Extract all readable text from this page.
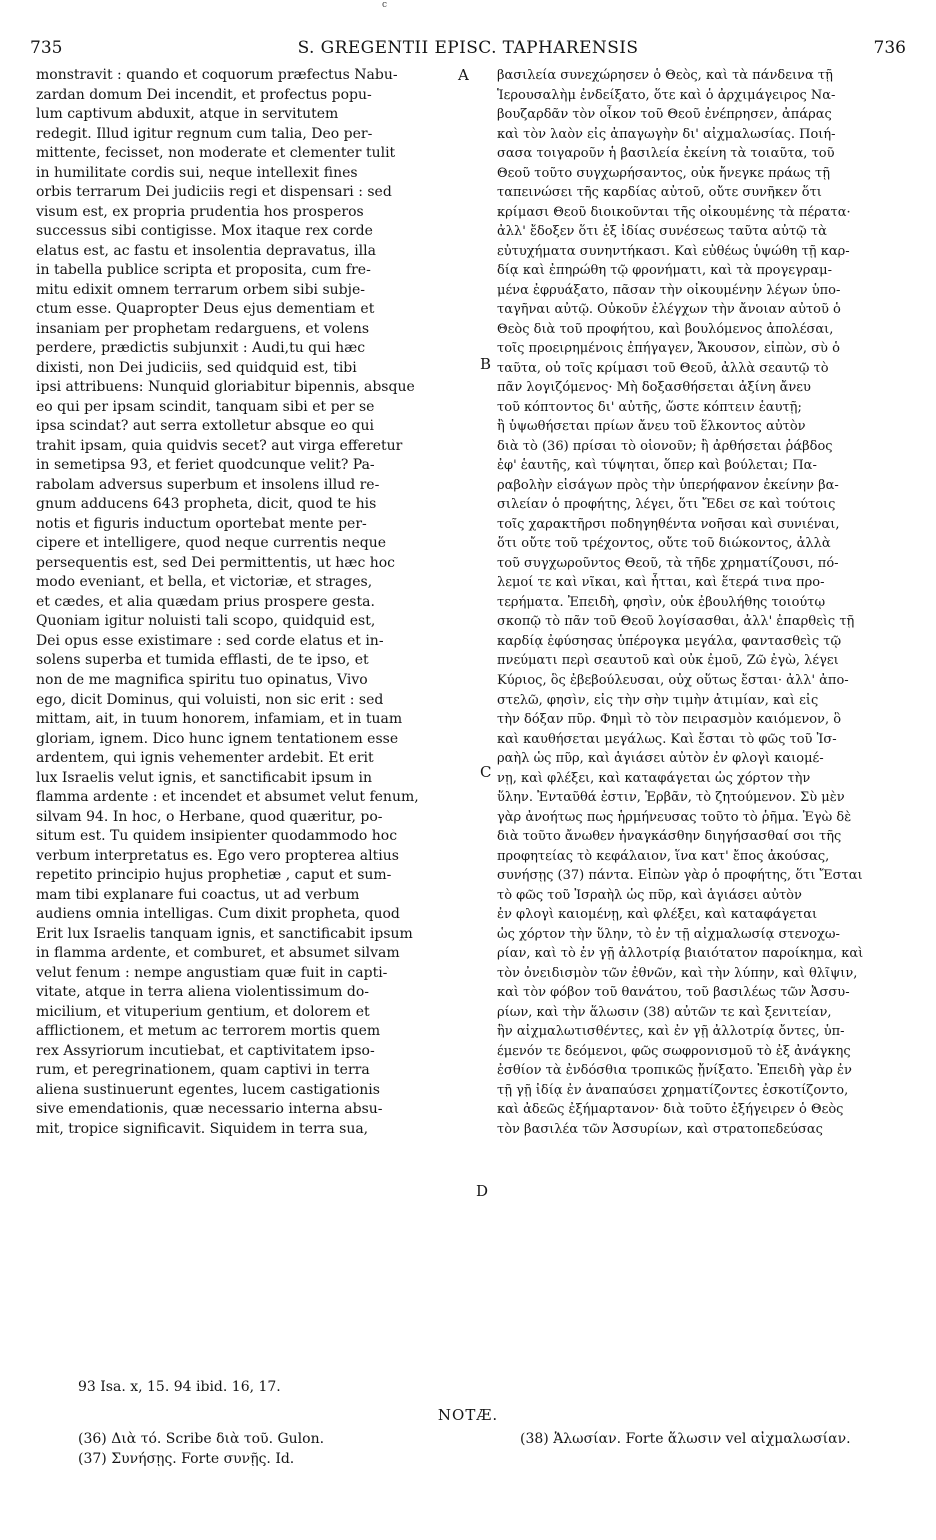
c
735	S. GREGENTII EPISC. TAPHARENSIS	736
monstravit : quando et coquorum præfectus Nabu-
zardan domum Dei incendit, et profectus popu-
lum captivum abduxit, atque in servitutem
redegit. Illud igitur regnum cum talia, Deo per-
mittente, fecisset, non moderate et clementer tulit
in humilitate cordis sui, neque intellexit fines
orbis terrarum Dei judiciis regi et dispensari : sed
visum est, ex propria prudentia hos prosperos
successus sibi contigisse. Mox itaque rex corde
elatus est, ac fastu et insolentia depravatus, illa
in tabella publice scripta et proposita, cum fre-
mitu edixit omnem terrarum orbem sibi subje-
ctum esse. Quapropter Deus ejus dementiam et
insaniam per prophetam redarguens, et volens
perdere, prædictis subjunxit : Audi,tu qui hæc
dixisti, non Dei judiciis, sed quidquid est, tibi
ipsi attribuens: Nunquid gloriabitur bipennis, absque
eo qui per ipsam scindit, tanquam sibi et per se
ipsa scindat? aut serra extolletur absque eo qui
trahit ipsam, quia quidvis secet? aut virga efferetur
in semetipsa 93, et feriet quodcunque velit? Pa-
rabolam adversus superbum et insolens illud re-
gnum adducens 643 propheta, dicit, quod te his
notis et figuris inductum oportebat mente per-
cipere et intelligere, quod neque currentis neque
persequentis est, sed Dei permittentis, ut hæc hoc
modo eveniant, et bella, et victoriæ, et strages,
et cædes, et alia quædam prius prospere gesta.
Quoniam igitur noluisti tali scopo, quidquid est,
Dei opus esse existimare : sed corde elatus et in-
solens superba et tumida efflasti, de te ipso, et
non de me magnifica spiritu tuo opinatus, Vivo
ego, dicit Dominus, qui voluisti, non sic erit : sed
mittam, ait, in tuum honorem, infamiam, et in tuam
gloriam, ignem. Dico hunc ignem tentationem esse
ardentem, qui ignis vehementer ardebit. Et erit
lux Israelis velut ignis, et sanctificabit ipsum in
flamma ardente : et incendet et absumet velut fenum,
silvam 94. In hoc, o Herbane, quod quæritur, po-
situm est. Tu quidem insipienter quodammodo hoc
verbum interpretatus es. Ego vero propterea altius
repetito principio hujus prophetiæ , caput et sum-
mam tibi explanare fui coactus, ut ad verbum
audiens omnia intelligas. Cum dixit propheta, quod
Erit lux Israelis tanquam ignis, et sanctificabit ipsum
in flamma ardente, et comburet, et absumet silvam
velut fenum : nempe angustiam quæ fuit in capti-
vitate, atque in terra aliena violentissimum do-
micilium, et vituperium gentium, et dolorem et
afflictionem, et metum ac terrorem mortis quem
rex Assyriorum incutiebat, et captivitatem ipso-
rum, et peregrinationem, quam captivi in terra
aliena sustinuerunt egentes, lucem castigationis
sive emendationis, quæ necessario interna absu-
mit, tropice significavit. Siquidem in terra sua,
βασιλεία συνεχώρησεν ὁ Θεὸς, καὶ τὰ πάνδεινα τῇ
Ἱερουσαλὴμ ἐνδείξατο, ὅτε καὶ ὁ ἀρχιμάγειρος Να-
βουζαρδᾶν τὸν οἶκον τοῦ Θεοῦ ἐνέπρησεν, ἀπάρας
καὶ τὸν λαὸν εἰς ἀπαγωγὴν δι' αἰχμαλωσίας. Ποιή-
σασα τοιγαροῦν ἡ βασιλεία ἐκείνη τὰ τοιαῦτα, τοῦ
Θεοῦ τοῦτο συγχωρήσαντος, οὐκ ἤνεγκε πράως τῇ
ταπεινώσει τῆς καρδίας αὐτοῦ, οὔτε συνῆκεν ὅτι
κρίμασι Θεοῦ διοικοῦνται τῆς οἰκουμένης τὰ πέρατα·
ἀλλ' ἔδοξεν ὅτι ἐξ ἰδίας συνέσεως ταῦτα αὐτῷ τὰ
εὐτυχήματα συνηντήκασι. Καὶ εὐθέως ὑψώθη τῇ καρ-
δίᾳ καὶ ἐπηρώθη τῷ φρονήματι, καὶ τὰ προγεγραμ-
μένα ἐφρυάξατο, πᾶσαν τὴν οἰκουμένην λέγων ὑπο-
ταγῆναι αὐτῷ. Οὐκοῦν ἐλέγχων τὴν ἄνοιαν αὐτοῦ ὁ
Θεὸς διὰ τοῦ προφήτου, καὶ βουλόμενος ἀπολέσαι,
τοῖς προειρημένοις ἐπήγαγεν, Ἄκουσον, εἰπὼν, σὺ ὁ
ταῦτα, οὐ τοῖς κρίμασι τοῦ Θεοῦ, ἀλλὰ σεαυτῷ τὸ
πᾶν λογιζόμενος· Μὴ δοξασθήσεται ἀξίνη ἄνευ
τοῦ κόπτοντος δι' αὐτῆς, ὥστε κόπτειν ἑαυτῇ;
ἢ ὑψωθήσεται πρίων ἄνευ τοῦ ἕλκοντος αὐτὸν
διὰ τὸ (36) πρίσαι τὸ οἱονοῦν; ἢ ἀρθήσεται ῥάβδος
ἐφ' ἑαυτῆς, καὶ τύψηται, ὅπερ καὶ βούλεται; Πα-
ραβολὴν εἰσάγων πρὸς τὴν ὑπερήφανον ἐκείνην βα-
σιλείαν ὁ προφήτης, λέγει, ὅτι Ἔδει σε καὶ τούτοις
τοῖς χαρακτῆρσι ποδηγηθέντα νοῆσαι καὶ συνιέναι,
ὅτι οὔτε τοῦ τρέχοντος, οὔτε τοῦ διώκοντος, ἀλλὰ
τοῦ συγχωροῦντος Θεοῦ, τὰ τῆδε χρηματίζουσι, πό-
λεμοί τε καὶ νῖκαι, καὶ ἧτται, καὶ ἕτερά τινα προ-
τερήματα. Ἐπειδὴ, φησὶν, οὐκ ἐβουλήθης τοιούτῳ
σκοπῷ τὸ πᾶν τοῦ Θεοῦ λογίσασθαι, ἀλλ' ἐπαρθεὶς τῇ
καρδίᾳ ἐφύσησας ὑπέρογκα μεγάλα, φαντασθεὶς τῷ
πνεύματι περὶ σεαυτοῦ καὶ οὐκ ἐμοῦ, Ζῶ ἐγὼ, λέγει
Κύριος, ὃς ἐβεβούλευσαι, οὐχ οὕτως ἔσται· ἀλλ' ἀπο-
στελῶ, φησὶν, εἰς τὴν σὴν τιμὴν ἀτιμίαν, καὶ εἰς
τὴν δόξαν πῦρ. Φημὶ τὸ τὸν πειρασμὸν καιόμενον, ὃ
καὶ καυθήσεται μεγάλως. Καὶ ἔσται τὸ φῶς τοῦ Ἰσ-
ραὴλ ὡς πῦρ, καὶ ἁγιάσει αὐτὸν ἐν φλογὶ καιομέ-
νῃ, καὶ φλέξει, καὶ καταφάγεται ὡς χόρτον τὴν
ὕλην. Ἐνταῦθά ἐστιν, Ἑρβᾶν, τὸ ζητούμενον. Σὺ μὲν
γὰρ ἀνοήτως πως ἡρμήνευσας τοῦτο τὸ ῥῆμα. Ἐγὼ δὲ
διὰ τοῦτο ἄνωθεν ἠναγκάσθην διηγήσασθαί σοι τῆς
προφητείας τὸ κεφάλαιον, ἵνα κατ' ἔπος ἀκούσας,
συνήσῃς (37) πάντα. Εἰπὼν γὰρ ὁ προφήτης, ὅτι Ἔσται
τὸ φῶς τοῦ Ἰσραὴλ ὡς πῦρ, καὶ ἁγιάσει αὐτὸν
ἐν φλογὶ καιομένῃ, καὶ φλέξει, καὶ καταφάγεται
ὡς χόρτον τὴν ὕλην, τὸ ἐν τῇ αἰχμαλωσίᾳ στενοχω-
ρίαν, καὶ τὸ ἐν γῇ ἀλλοτρίᾳ βιαιότατον παροίκημα, καὶ
τὸν ὀνειδισμὸν τῶν ἐθνῶν, καὶ τὴν λύπην, καὶ θλῖψιν,
καὶ τὸν φόβον τοῦ θανάτου, τοῦ βασιλέως τῶν Ἀσσυ-
ρίων, καὶ τὴν ἅλωσιν (38) αὐτῶν τε καὶ ξενιτείαν,
ἣν αἰχμαλωτισθέντες, καὶ ἐν γῇ ἀλλοτρίᾳ ὄντες, ὑπ-
έμενόν τε δεόμενοι, φῶς σωφρονισμοῦ τὸ ἐξ ἀνάγκης
ἐσθίον τὰ ἐνδόσθια τροπικῶς ᾔνίξατο. Ἐπειδὴ γὰρ ἐν
τῇ γῇ ἰδίᾳ ἐν ἀναπαύσει χρηματίζοντες ἐσκοτίζοντο,
καὶ ἀδεῶς ἐξήμαρτανον· διὰ τοῦτο ἐξήγειρεν ὁ Θεὸς
τὸν βασιλέα τῶν Ἀσσυρίων, καὶ στρατοπεδεύσας
A
B
C
D
93 Isa. x, 15. 94 ibid. 16, 17.
NOTÆ.
(36) Διὰ τό. Scribe διὰ τοῦ. Gulon.
(37) Συνήσῃς. Forte συνῇς. Id.
(38) Ἁλωσίαν. Forte ἅλωσιν vel αἰχμαλωσίαν.
